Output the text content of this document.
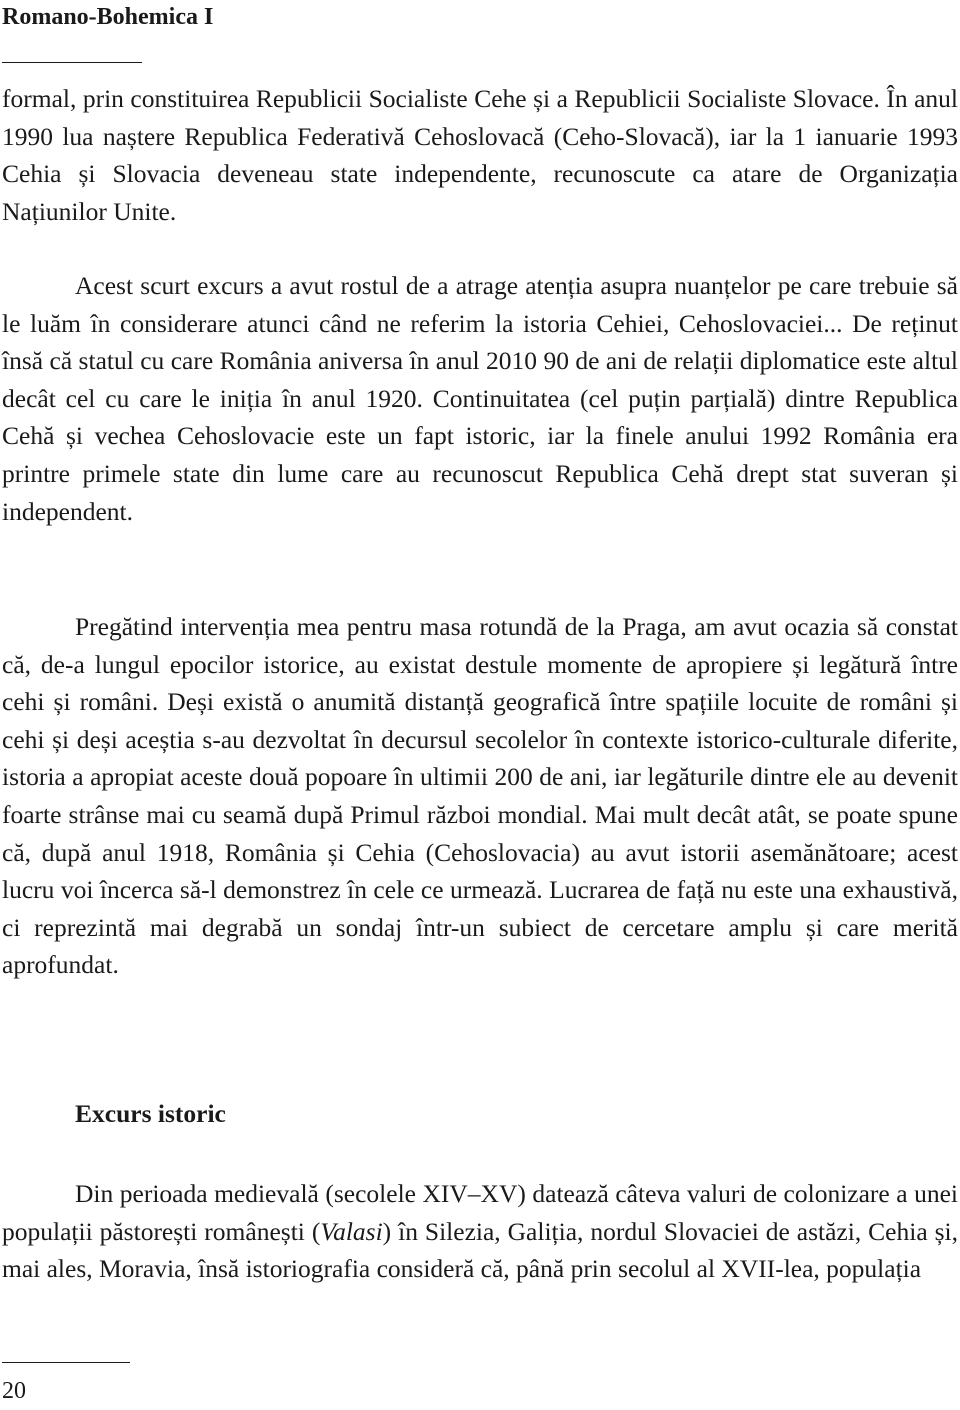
Romano-Bohemica I

formal, prin constituirea Republicii Socialiste Cehe și a Republicii Socialiste Slovace. În anul 1990 lua naștere Republica Federativă Cehoslovacă (Ceho-Slovacă), iar la 1 ianuarie 1993 Cehia și Slovacia deveneau state independente, recunoscute ca atare de Organizația Națiunilor Unite.

Acest scurt excurs a avut rostul de a atrage atenția asupra nuanțelor pe care trebuie să le luăm în considerare atunci când ne referim la istoria Cehiei, Cehoslovaciei... De reținut însă că statul cu care România aniversa în anul 2010 90 de ani de relații diplomatice este altul decât cel cu care le iniția în anul 1920. Continuitatea (cel puțin parțială) dintre Republica Cehă și vechea Cehoslovacie este un fapt istoric, iar la finele anului 1992 România era printre primele state din lume care au recunoscut Republica Cehă drept stat suveran și independent.

Pregătind intervenția mea pentru masa rotundă de la Praga, am avut ocazia să constat că, de-a lungul epocilor istorice, au existat destule momente de apropiere și legătură între cehi și români. Deși există o anumită distanță geografică între spațiile locuite de români și cehi și deși aceștia s-au dezvoltat în decursul secolelor în contexte istorico-culturale diferite, istoria a apropiat aceste două popoare în ultimii 200 de ani, iar legăturile dintre ele au devenit foarte strânse mai cu seamă după Primul război mondial. Mai mult decât atât, se poate spune că, după anul 1918, România și Cehia (Cehoslovacia) au avut istorii asemănătoare; acest lucru voi încerca să-l demonstrez în cele ce urmează. Lucrarea de față nu este una exhaustivă, ci reprezintă mai degrabă un sondaj într-un subiect de cercetare amplu și care merită aprofundat.

Excurs istoric

Din perioada medievală (secolele XIV–XV) datează câteva valuri de colonizare a unei populații păstorești românești (Valasi) în Silezia, Galiția, nordul Slovaciei de astăzi, Cehia și, mai ales, Moravia, însă istoriografia consideră că, până prin secolul al XVII-lea, populația

20
